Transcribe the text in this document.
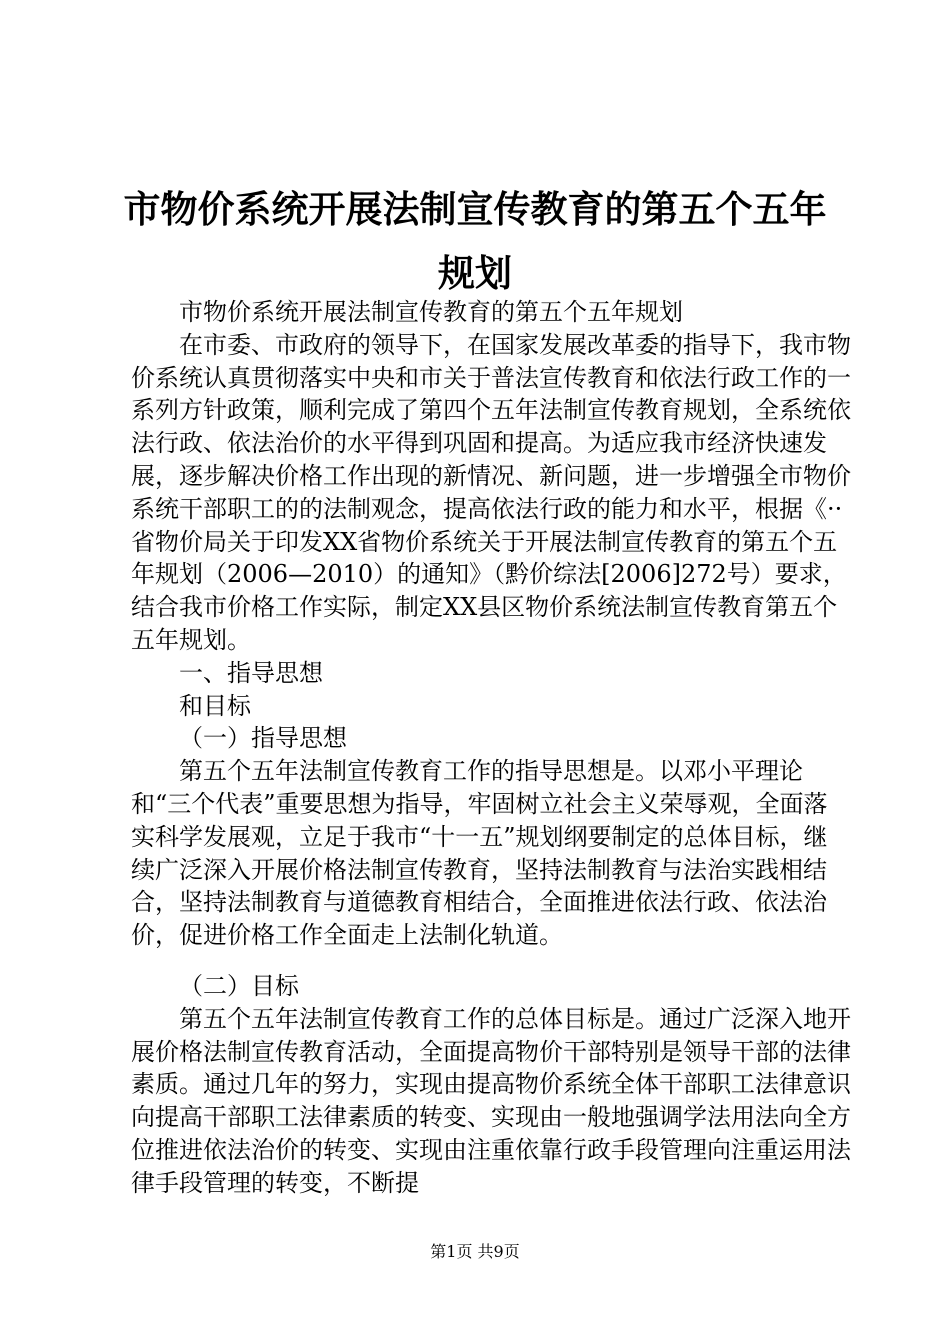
市物价系统开展法制宣传教育的第五个五年规划

市物价系统开展法制宣传教育的第五个五年规划

在市委、市政府的领导下，在国家发展改革委的指导下，我市物价系统认真贯彻落实中央和市关于普法宣传教育和依法行政工作的一系列方针政策，顺利完成了第四个五年法制宣传教育规划，全系统依法行政、依法治价的水平得到巩固和提高。为适应我市经济快速发展，逐步解决价格工作出现的新情况、新问题，进一步增强全市物价系统干部职工的的法制观念，提高依法行政的能力和水平，根据《··省物价局关于印发XX省物价系统关于开展法制宣传教育的第五个五年规划（2006—2010）的通知》（黔价综法[2006]272号）要求，结合我市价格工作实际，制定XX县区物价系统法制宣传教育第五个五年规划。

一、指导思想

和目标

（一）指导思想

第五个五年法制宣传教育工作的指导思想是。以邓小平理论和“三个代表”重要思想为指导，牢固树立社会主义荣辱观，全面落实科学发展观，立足于我市“十一五”规划纲要制定的总体目标，继续广泛深入开展价格法制宣传教育，坚持法制教育与法治实践相结合，坚持法制教育与道德教育相结合，全面推进依法行政、依法治价，促进价格工作全面走上法制化轨道。

（二）目标

第五个五年法制宣传教育工作的总体目标是。通过广泛深入地开展价格法制宣传教育活动，全面提高物价干部特别是领导干部的法律素质。通过几年的努力，实现由提高物价系统全体干部职工法律意识向提高干部职工法律素质的转变、实现由一般地强调学法用法向全方位推进依法治价的转变、实现由注重依靠行政手段管理向注重运用法律手段管理的转变，不断提

第1页 共9页
